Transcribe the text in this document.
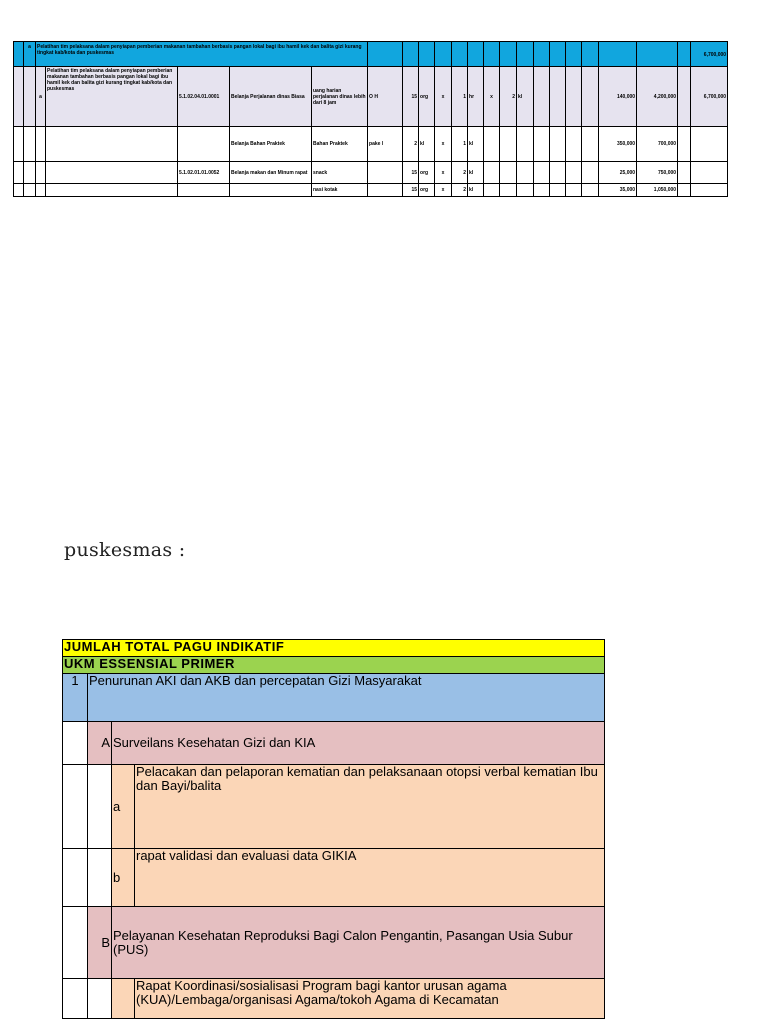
	a	Pelatihan tim pelaksana dalam penyiapan pemberian makanan tambahan berbasis pangan lokal bagi ibu hamil kek dan balita gizi kurang tingkat kab/kota dan puskesmas																					6,700,000
		a	Pelatihan tim pelaksana dalam penyiapan pemberian makanan tambahan berbasis pangan lokal bagi ibu hamil kek dan balita gizi kurang tingkat kab/kota dan puskesmas	5.1.02.04.01.0001	Belanja Perjalanan dinas Biasa	uang harian perjalanan dinas lebih dari 8 jam	O H	15	org	x	1	hr	x	2	kl					140,000	4,200,000		6,700,000
					Belanja Bahan Praktek	Bahan Praktek	pake l	2	kl	x	1	kl								350,000	700,000		
				5.1.02.01.01.0052	Belanja makan dan Minum rapat	snack		15	org	x	2	kl								25,000	750,000		
						nasi kotak		15	org	x	2	kl								35,000	1,050,000		
puskesmas :
JUMLAH TOTAL PAGU INDIKATIF			
UKM ESSENSIAL PRIMER			
1	Penurunan AKI dan AKB dan percepatan Gizi Masyarakat		
	A	Surveilans Kesehatan Gizi dan KIA	
		a	Pelacakan dan pelaporan kematian dan pelaksanaan otopsi verbal kematian Ibu
dan Bayi/balita
		b	rapat validasi dan evaluasi data GIKIA
	B	Pelayanan Kesehatan Reproduksi Bagi Calon Pengantin, Pasangan Usia Subur (PUS)	
			Rapat Koordinasi/sosialisasi Program bagi kantor urusan agama (KUA)/Lembaga/organisasi Agama/tokoh Agama di Kecamatan
